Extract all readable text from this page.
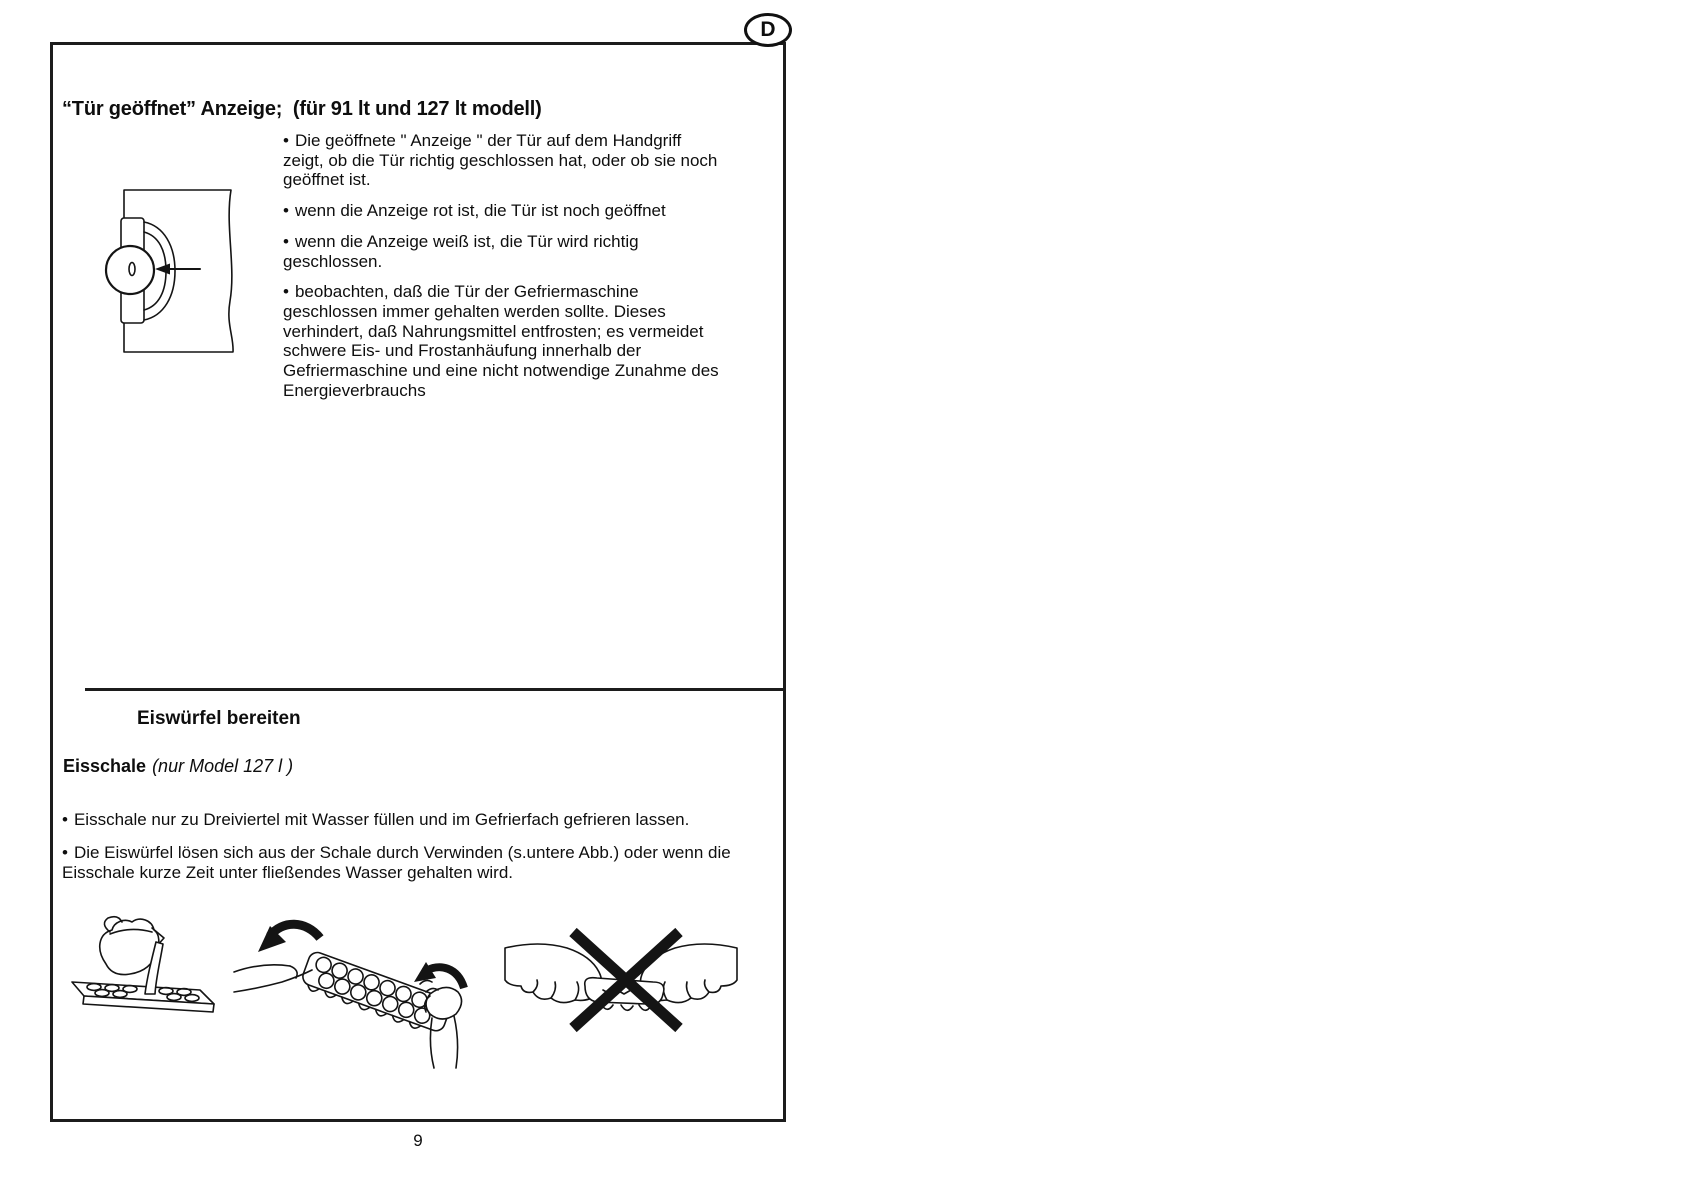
D
“Tür geöffnet” Anzeige;  (für 91 lt und 127 lt modell)
• Die geöffnete " Anzeige " der Tür auf dem Handgriff zeigt, ob die Tür richtig geschlossen hat, oder ob sie noch geöffnet ist.
• wenn die Anzeige rot ist, die Tür ist noch geöffnet
• wenn die Anzeige weiß ist, die Tür wird richtig geschlossen.
• beobachten, daß die Tür der Gefriermaschine geschlossen immer gehalten werden sollte. Dieses verhindert, daß Nahrungsmittel entfrosten; es vermeidet schwere Eis- und Frostanhäufung innerhalb der Gefriermaschine und eine nicht notwendige Zunahme des Energieverbrauchs
Eiswürfel bereiten
Eisschale (nur Model 127 l )
• Eisschale nur zu Dreiviertel mit Wasser füllen und im Gefrierfach gefrieren lassen.
• Die Eiswürfel lösen sich aus der Schale durch Verwinden (s.untere Abb.) oder wenn die Eisschale kurze Zeit unter fließendes Wasser gehalten wird.
9
